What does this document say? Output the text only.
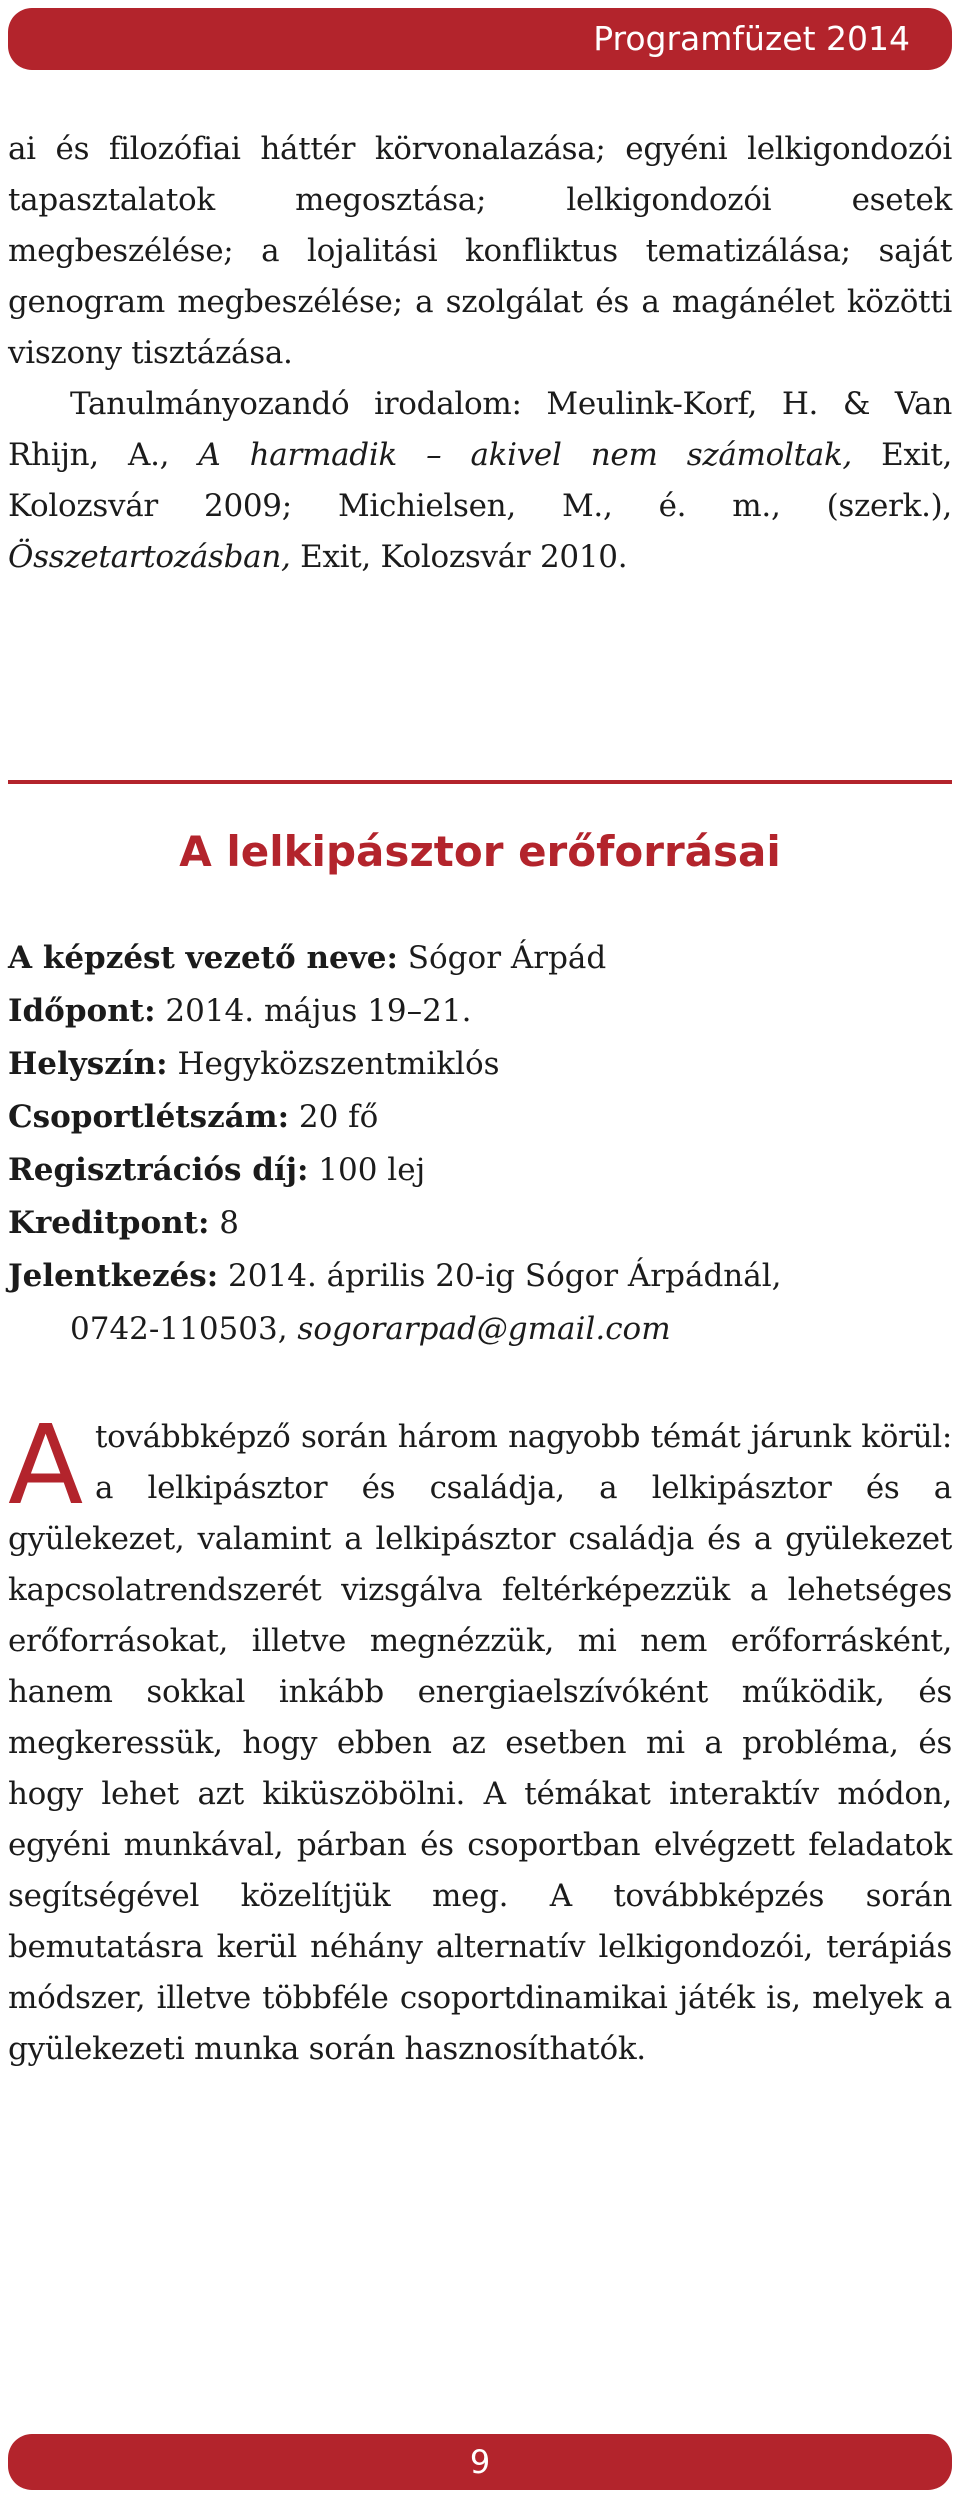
Programfüzet 2014
ai és filozófiai háttér körvonalazása; egyéni lelkigondozói tapasztalatok megosztása; lelkigondozói esetek megbeszélése; a lojalitási konfliktus tematizálása; saját genogram megbeszélése; a szolgálat és a magánélet közötti viszony tisztázása.
Tanulmányozandó irodalom: Meulink-Korf, H. & Van Rhijn, A., A harmadik – akivel nem számoltak, Exit, Kolozsvár 2009; Michielsen, M., é. m., (szerk.), Összetartozásban, Exit, Kolozsvár 2010.
A lelkipásztor erőforrásai
A képzést vezető neve: Sógor Árpád
Időpont: 2014. május 19–21.
Helyszín: Hegyközszentmiklós
Csoportlétszám: 20 fő
Regisztrációs díj: 100 lej
Kreditpont: 8
Jelentkezés: 2014. április 20-ig Sógor Árpádnál,
0742-110503, sogorarpad@gmail.com
A továbbképző során három nagyobb témát járunk körül: a lelkipásztor és családja, a lelkipásztor és a gyülekezet, valamint a lelkipásztor családja és a gyülekezet kapcsolatrendszerét vizsgálva feltérképezzük a lehetséges erőforrásokat, illetve megnézzük, mi nem erőforrásként, hanem sokkal inkább energiaelszívóként működik, és megkeressük, hogy ebben az esetben mi a probléma, és hogy lehet azt kiküszöbölni. A témákat interaktív módon, egyéni munkával, párban és csoportban elvégzett feladatok segítségével közelítjük meg. A továbbképzés során bemutatásra kerül néhány alternatív lelkigondozói, terápiás módszer, illetve többféle csoportdinamikai játék is, melyek a gyülekezeti munka során hasznosíthatók.
9
